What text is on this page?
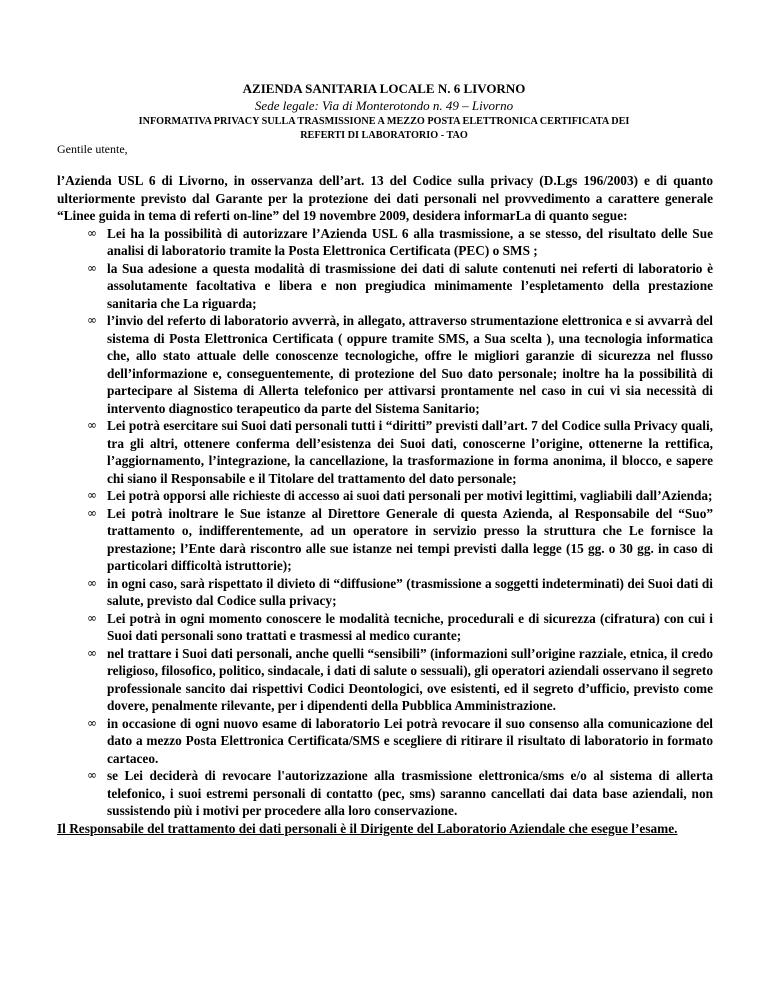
AZIENDA SANITARIA LOCALE N. 6 LIVORNO
Sede legale: Via di Monterotondo n. 49 – Livorno
INFORMATIVA PRIVACY SULLA TRASMISSIONE A MEZZO POSTA ELETTRONICA CERTIFICATA DEI
REFERTI DI LABORATORIO - TAO
Gentile utente,

l’Azienda USL 6 di Livorno, in osservanza dell’art. 13 del Codice sulla privacy (D.Lgs 196/2003) e di quanto ulteriormente previsto dal Garante per la protezione dei dati personali nel provvedimento a carattere generale “Linee guida in tema di referti on-line” del 19 novembre 2009, desidera informarLa di quanto segue:

∞ Lei ha la possibilità di autorizzare l’Azienda USL 6 alla trasmissione, a se stesso, del risultato delle Sue analisi di laboratorio tramite la Posta Elettronica Certificata (PEC) o SMS ;
∞ la Sua adesione a questa modalità di trasmissione dei dati di salute contenuti nei referti di laboratorio è assolutamente facoltativa e libera e non pregiudica minimamente l’espletamento della prestazione sanitaria che La riguarda;
∞ l’invio del referto di laboratorio avverrà, in allegato, attraverso strumentazione elettronica e si avvarrà del sistema di Posta Elettronica Certificata ( oppure tramite SMS, a Sua scelta ), una tecnologia informatica che, allo stato attuale delle conoscenze tecnologiche, offre le migliori garanzie di sicurezza nel flusso dell’informazione e, conseguentemente, di protezione del Suo dato personale; inoltre ha la possibilità di partecipare al Sistema di Allerta telefonico per attivarsi prontamente nel caso in cui vi sia necessità di intervento diagnostico terapeutico da parte del Sistema Sanitario;
∞ Lei potrà esercitare sui Suoi dati personali tutti i “diritti” previsti dall’art. 7 del Codice sulla Privacy quali, tra gli altri, ottenere conferma dell’esistenza dei Suoi dati, conoscerne l’origine, ottenerne la rettifica, l’aggiornamento, l’integrazione, la cancellazione, la trasformazione in forma anonima, il blocco, e sapere chi siano il Responsabile e il Titolare del trattamento del dato personale;
∞ Lei potrà opporsi alle richieste di accesso ai suoi dati personali per motivi legittimi, vagliabili dall’Azienda;
∞ Lei potrà inoltrare le Sue istanze al Direttore Generale di questa Azienda, al Responsabile del “Suo” trattamento o, indifferentemente, ad un operatore in servizio presso la struttura che Le fornisce la prestazione; l’Ente darà riscontro alle sue istanze nei tempi previsti dalla legge (15 gg. o 30 gg. in caso di particolari difficoltà istruttorie);
∞ in ogni caso, sarà rispettato il divieto di “diffusione” (trasmissione a soggetti indeterminati) dei Suoi dati di salute, previsto dal Codice sulla privacy;
∞ Lei potrà in ogni momento conoscere le modalità tecniche, procedurali e di sicurezza (cifratura) con cui i Suoi dati personali sono trattati e trasmessi al medico curante;
∞ nel trattare i Suoi dati personali, anche quelli “sensibili” (informazioni sull’origine razziale, etnica, il credo religioso, filosofico, politico, sindacale, i dati di salute o sessuali), gli operatori aziendali osservano il segreto professionale sancito dai rispettivi Codici Deontologici, ove esistenti, ed il segreto d’ufficio, previsto come dovere, penalmente rilevante, per i dipendenti della Pubblica Amministrazione.
∞ in occasione di ogni nuovo esame di laboratorio Lei potrà revocare il suo consenso alla comunicazione del dato a mezzo Posta Elettronica Certificata/SMS e scegliere di ritirare il risultato di laboratorio in formato cartaceo.
∞ se Lei deciderà di revocare l'autorizzazione alla trasmissione elettronica/sms e/o al sistema di allerta telefonico, i suoi estremi personali di contatto (pec, sms) saranno cancellati dai data base aziendali, non sussistendo più i motivi per procedere alla loro conservazione.

Il Responsabile del trattamento dei dati personali è il Dirigente del Laboratorio Aziendale che esegue l’esame.
